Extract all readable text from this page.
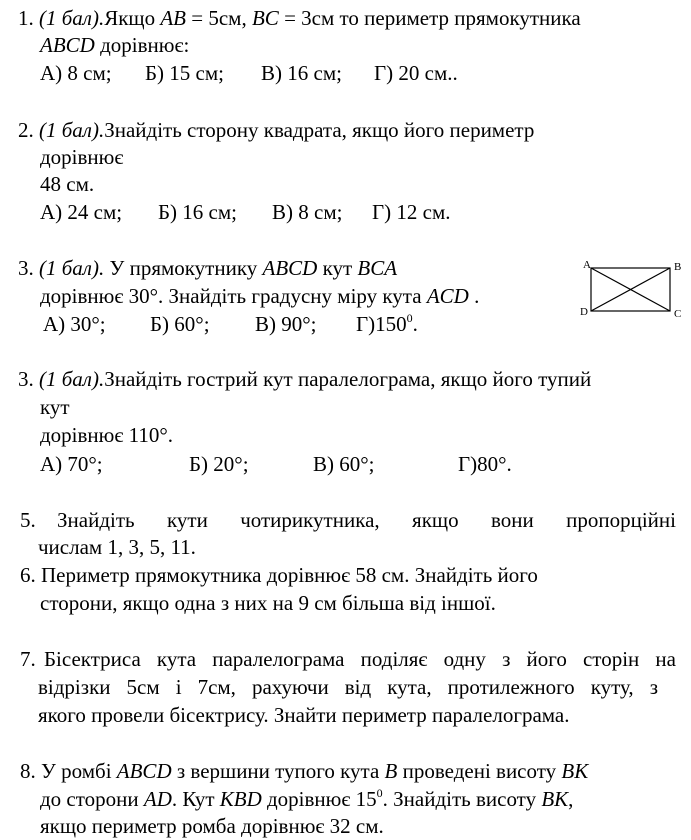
1. (1 бал).Якщо AB = 5см, BC = 3см то периметр прямокутника
ABCD дорівнює:
А) 8 см; Б) 15 см; В) 16 см; Г) 20 см..
2. (1 бал).Знайдіть сторону квадрата, якщо його периметр
дорівнює
48 см.
А) 24 см; Б) 16 см; В) 8 см; Г) 12 см.
3. (1 бал). У прямокутнику ABCD кут BCA
дорівнює 30°. Знайдіть градусну міру кута ACD .
А) 30°; Б) 60°; В) 90°; $Г)150^0$.
A	B
C
D
3. (1 бал).Знайдіть гострий кут паралелограма, якщо його тупий
кут
дорівнює 110°.
А) 70°;	Б) 20°;	В) 60°;	Г)80°.
5. Знайдіть кути чотирикутника, якщо вони пропорційні
числам 1, 3, 5, 11.
6. Периметр прямокутника дорівнює 58 см. Знайдіть його
сторони, якщо одна з них на 9 см більша від іншої.
7. Бісектриса кута паралелограма поділяє одну з його сторін на
відрізки 5см і 7см, рахуючи від кута, протилежного куту, з
якого провели бісектрису. Знайти периметр паралелограма.
8. У ромбі ABCD з вершини тупого кута B проведені висоту BK
до сторони AD. Кут KBD дорівнює $15^0$. Знайдіть висоту BK,
якщо периметр ромба дорівнює 32 см.
